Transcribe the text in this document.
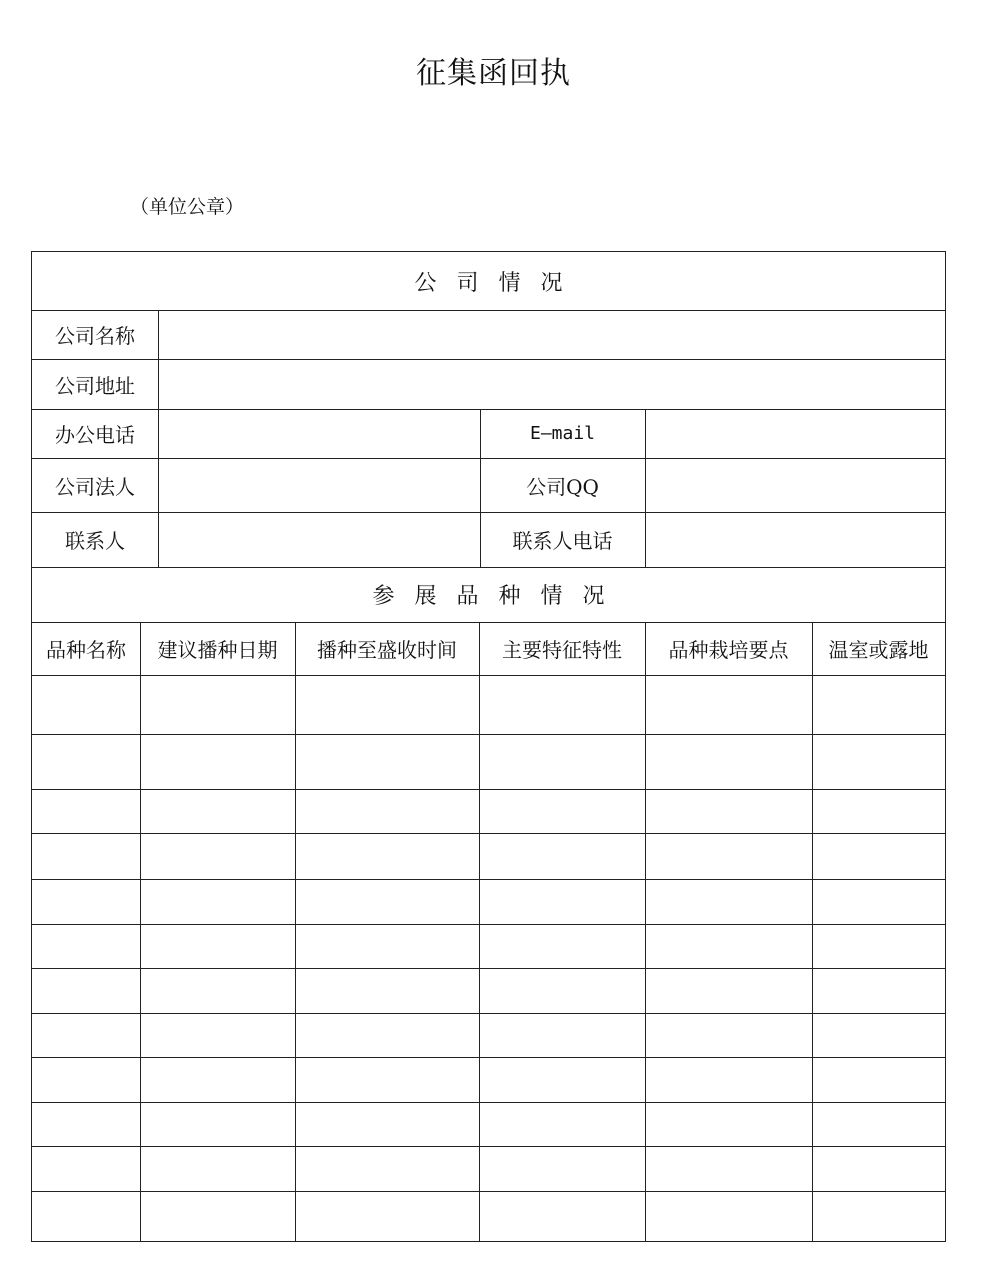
征集函回执
（单位公章）
公司情况
公司名称
公司地址
办公电话	E—mail
公司法人	公司QQ
联系人	联系人电话
参展品种情况
品种名称	建议播种日期	播种至盛收时间	主要特征特性	品种栽培要点	温室或露地
